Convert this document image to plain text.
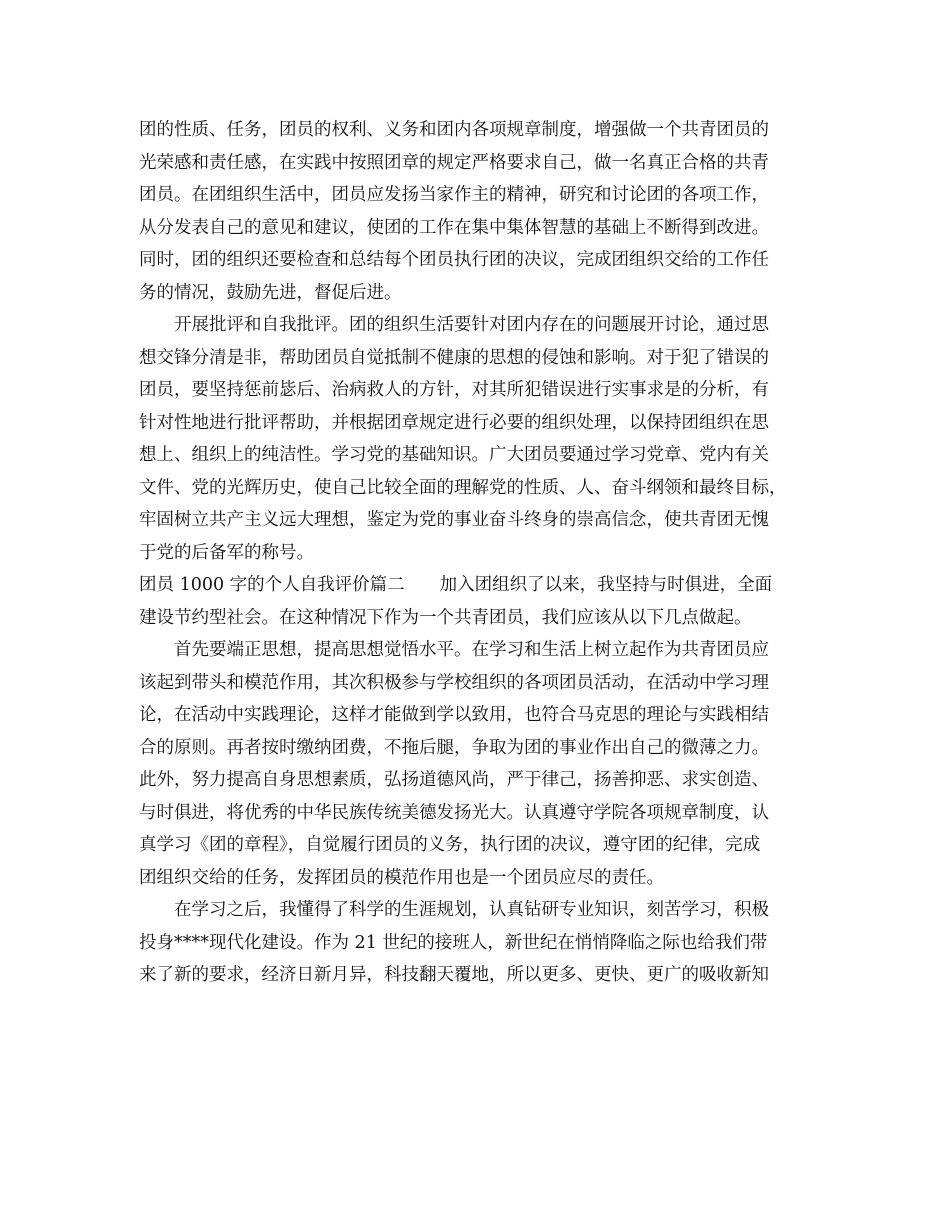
团的性质、任务，团员的权利、义务和团内各项规章制度，增强做一个共青团员的
光荣感和责任感，在实践中按照团章的规定严格要求自己，做一名真正合格的共青
团员。在团组织生活中，团员应发扬当家作主的精神，研究和讨论团的各项工作，
从分发表自己的意见和建议，使团的工作在集中集体智慧的基础上不断得到改进。
同时，团的组织还要检查和总结每个团员执行团的决议，完成团组织交给的工作任
务的情况，鼓励先进，督促后进。
　　开展批评和自我批评。团的组织生活要针对团内存在的问题展开讨论，通过思
想交锋分清是非，帮助团员自觉抵制不健康的思想的侵蚀和影响。对于犯了错误的
团员，要坚持惩前毖后、治病救人的方针，对其所犯错误进行实事求是的分析，有
针对性地进行批评帮助，并根据团章规定进行必要的组织处理，以保持团组织在思
想上、组织上的纯洁性。学习党的基础知识。广大团员要通过学习党章、党内有关
文件、党的光辉历史，使自己比较全面的理解党的性质、人、奋斗纲领和最终目标，
牢固树立共产主义远大理想，鉴定为党的事业奋斗终身的崇高信念，使共青团无愧
于党的后备军的称号。
团员 1000 字的个人自我评价篇二　　加入团组织了以来，我坚持与时俱进，全面
建设节约型社会。在这种情况下作为一个共青团员，我们应该从以下几点做起。
　　首先要端正思想，提高思想觉悟水平。在学习和生活上树立起作为共青团员应
该起到带头和模范作用，其次积极参与学校组织的各项团员活动，在活动中学习理
论，在活动中实践理论，这样才能做到学以致用，也符合马克思的理论与实践相结
合的原则。再者按时缴纳团费，不拖后腿，争取为团的事业作出自己的微薄之力。
此外，努力提高自身思想素质，弘扬道德风尚，严于律己，扬善抑恶、求实创造、
与时俱进，将优秀的中华民族传统美德发扬光大。认真遵守学院各项规章制度，认
真学习《团的章程》，自觉履行团员的义务，执行团的决议，遵守团的纪律，完成
团组织交给的任务，发挥团员的模范作用也是一个团员应尽的责任。
　　在学习之后，我懂得了科学的生涯规划，认真钻研专业知识，刻苦学习，积极
投身****现代化建设。作为 21 世纪的接班人，新世纪在悄悄降临之际也给我们带
来了新的要求，经济日新月异，科技翻天覆地，所以更多、更快、更广的吸收新知
